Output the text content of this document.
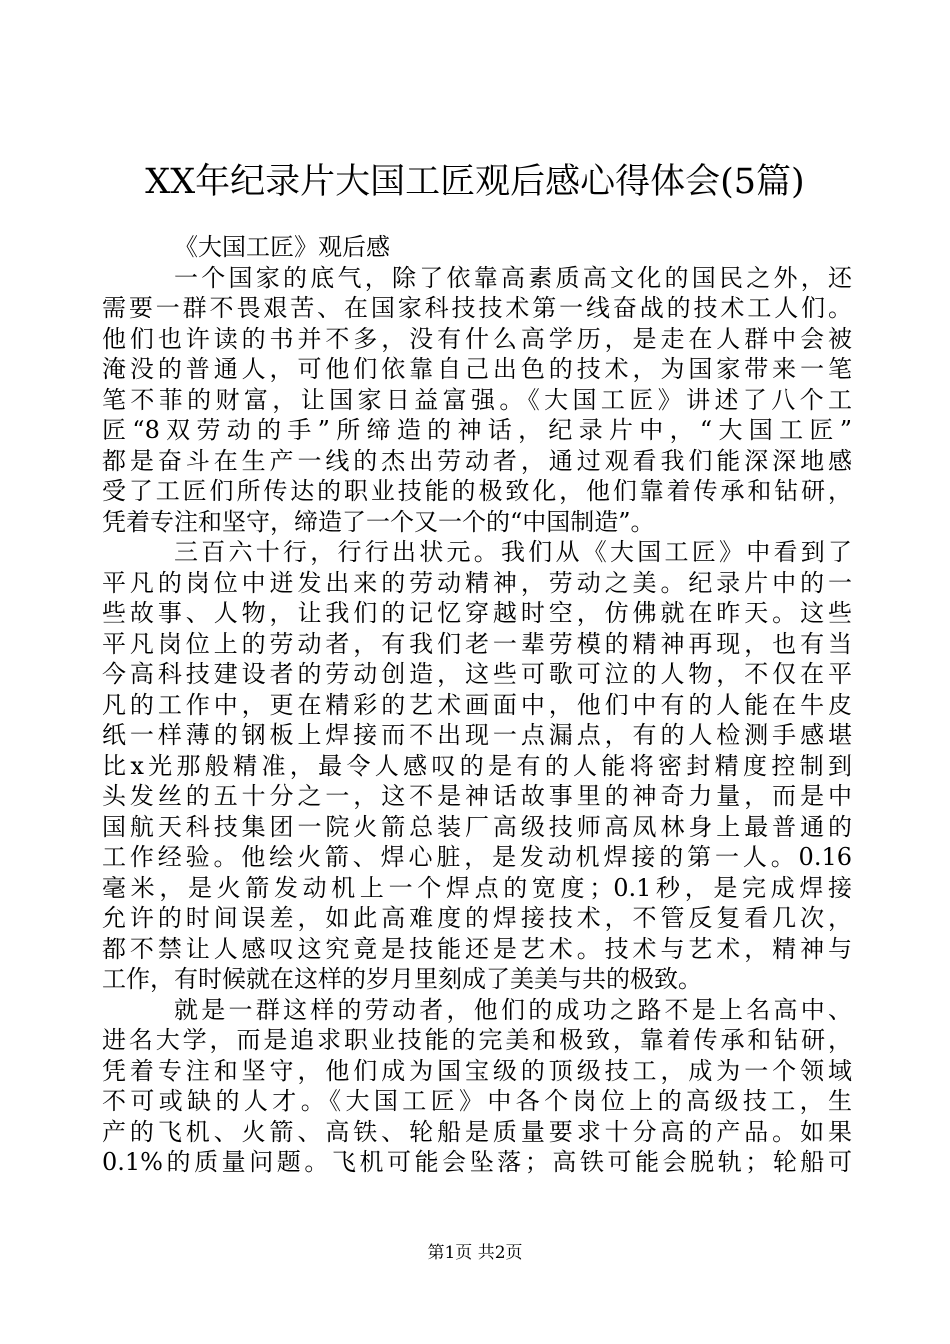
XX年纪录片大国工匠观后感心得体会(5篇)
《大国工匠》观后感
一个国家的底气，除了依靠高素质高文化的国民之外，还
需要一群不畏艰苦、在国家科技技术第一线奋战的技术工人们。
他们也许读的书并不多，没有什么高学历，是走在人群中会被
淹没的普通人，可他们依靠自己出色的技术，为国家带来一笔
笔不菲的财富，让国家日益富强。《大国工匠》讲述了八个工
匠“8双劳动的手”所缔造的神话，纪录片中，“大国工匠”
都是奋斗在生产一线的杰出劳动者，通过观看我们能深深地感
受了工匠们所传达的职业技能的极致化，他们靠着传承和钻研，
凭着专注和坚守，缔造了一个又一个的“中国制造”。
三百六十行，行行出状元。我们从《大国工匠》中看到了
平凡的岗位中迸发出来的劳动精神，劳动之美。纪录片中的一
些故事、人物，让我们的记忆穿越时空，仿佛就在昨天。这些
平凡岗位上的劳动者，有我们老一辈劳模的精神再现，也有当
今高科技建设者的劳动创造，这些可歌可泣的人物，不仅在平
凡的工作中，更在精彩的艺术画面中，他们中有的人能在牛皮
纸一样薄的钢板上焊接而不出现一点漏点，有的人检测手感堪
比x光那般精准，最令人感叹的是有的人能将密封精度控制到
头发丝的五十分之一，这不是神话故事里的神奇力量，而是中
国航天科技集团一院火箭总装厂高级技师高凤林身上最普通的
工作经验。他绘火箭、焊心脏，是发动机焊接的第一人。0.16
毫米，是火箭发动机上一个焊点的宽度；0.1秒，是完成焊接
允许的时间误差，如此高难度的焊接技术，不管反复看几次，
都不禁让人感叹这究竟是技能还是艺术。技术与艺术，精神与
工作，有时候就在这样的岁月里刻成了美美与共的极致。
就是一群这样的劳动者，他们的成功之路不是上名高中、
进名大学，而是追求职业技能的完美和极致，靠着传承和钻研，
凭着专注和坚守，他们成为国宝级的顶级技工，成为一个领域
不可或缺的人才。《大国工匠》中各个岗位上的高级技工，生
产的飞机、火箭、高铁、轮船是质量要求十分高的产品。如果
0.1%的质量问题。飞机可能会坠落；高铁可能会脱轨；轮船可
第1页 共2页
